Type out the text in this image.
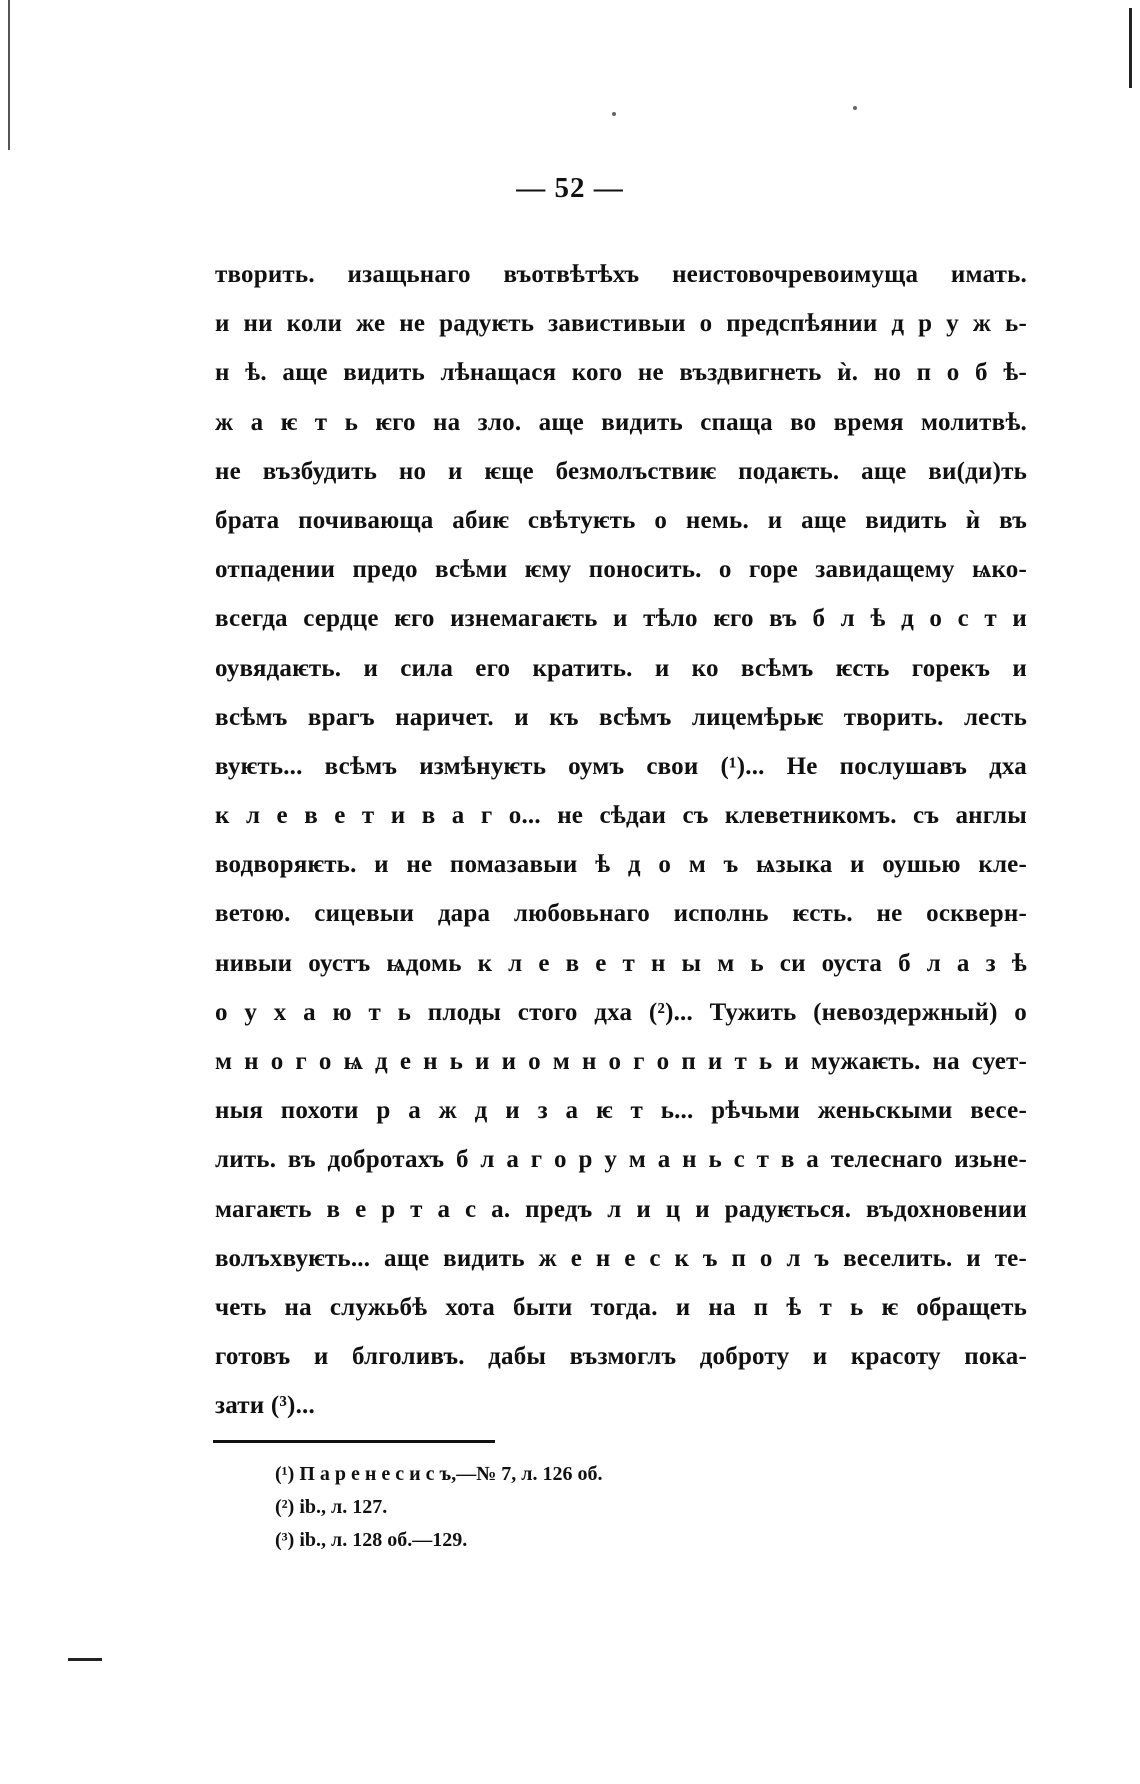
— 52 —
творить. изащьнаго въотвѣтѣхъ неистовочревоимуща имать.
и ни коли же не радуѥть завистивыи о предспѣянии д р у ж ь-
н ѣ. аще видить лѣнащася кого не въздвигнеть ѝ. но п о б ѣ-
ж а ѥ т ь ѥго на зло. аще видить спаща во время молитвѣ.
не възбудить но и ѥще безмолъствиѥ подаѥть. аще ви(ди)ть
брата почивающа абиѥ свѣтуѥть о немь. и аще видить ѝ въ
отпадении предо всѣми ѥму поносить. о горе завидащему ѩко-
всегда сердце ѥго изнемагаѥть и тѣло ѥго въ б л ѣ д о с т и
оувядаѥть. и сила его кратить. и ко всѣмъ ѥсть горекъ и
всѣмъ врагъ наричет. и къ всѣмъ лицемѣрьѥ творить. лесть
вуѥть... всѣмъ измѣнуѥть оумъ свои (¹)... Не послушавъ дха
к л е в е т и в а г о... не сѣдаи съ клеветникомъ. съ англы
водворяѥть. и не помазавыи ѣ д о м ъ ѩзыка и оушью кле-
ветою. сицевыи дара любовьнаго исполнь ѥсть. не оскверн-
нивыи оустъ ѩдомь к л е в е т н ы м ь си оуста б л а з ѣ
о у х а ю т ь плоды стого дха (²)... Тужить (невоздержный) о
м н о г о ѩ д е н ь и и о м н о г о п и т ь и мужаѥть. на сует-
ныя похоти р а ж д и з а ѥ т ь... рѣчьми женьскыми весе-
лить. въ добротахъ б л а г о р у м а н ь с т в а телеснаго изьне-
магаѥть в е р т а с а. предъ л и ц и радуѥться. въдохновении
волъхвуѥть... аще видить ж е н е с к ъ п о л ъ веселить. и те-
четь на служьбѣ хота быти тогда. и на п ѣ т ь ѥ обращеть
готовъ и блголивъ. дабы възмоглъ доброту и красоту пока-
зати (³)...
(¹) П а р е н е с и с ъ,—№ 7, л. 126 об.
(²) ib., л. 127.
(³) ib., л. 128 об.—129.
